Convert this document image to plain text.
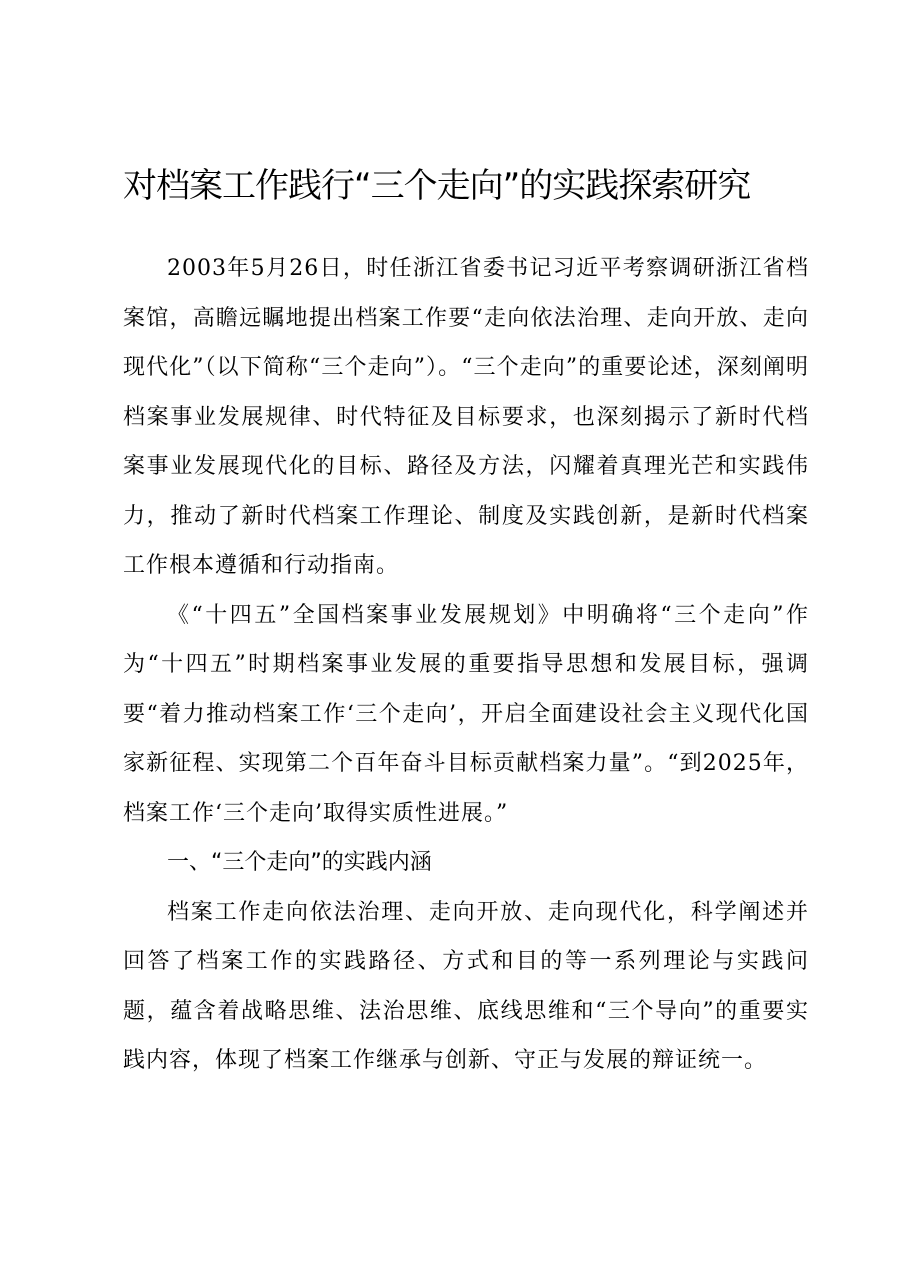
对档案工作践行“三个走向”的实践探索研究

2003年5月26日，时任浙江省委书记习近平考察调研浙江省档案馆，高瞻远瞩地提出档案工作要“走向依法治理、走向开放、走向现代化”（以下简称“三个走向”）。“三个走向”的重要论述，深刻阐明档案事业发展规律、时代特征及目标要求，也深刻揭示了新时代档案事业发展现代化的目标、路径及方法，闪耀着真理光芒和实践伟力，推动了新时代档案工作理论、制度及实践创新，是新时代档案工作根本遵循和行动指南。

《“十四五”全国档案事业发展规划》中明确将“三个走向”作为“十四五”时期档案事业发展的重要指导思想和发展目标，强调要“着力推动档案工作‘三个走向’，开启全面建设社会主义现代化国家新征程、实现第二个百年奋斗目标贡献档案力量”。“到2025年，档案工作‘三个走向’取得实质性进展。”

一、“三个走向”的实践内涵

档案工作走向依法治理、走向开放、走向现代化，科学阐述并回答了档案工作的实践路径、方式和目的等一系列理论与实践问题，蕴含着战略思维、法治思维、底线思维和“三个导向”的重要实践内容，体现了档案工作继承与创新、守正与发展的辩证统一。
